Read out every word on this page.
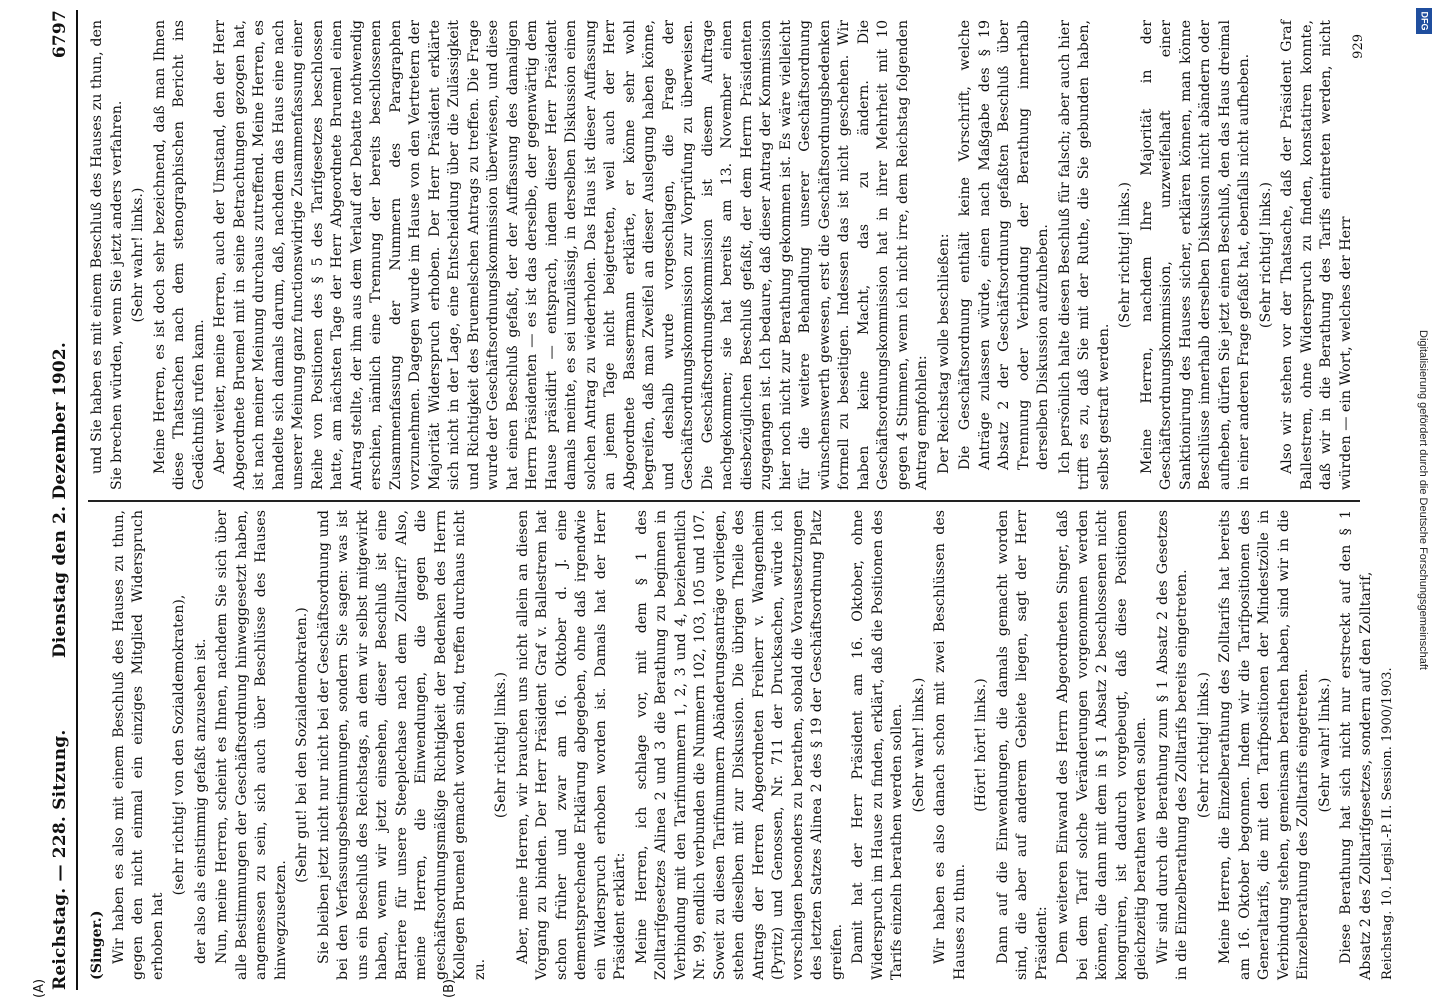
Reichstag. — 228. Sitzung.
Dienstag den 2. Dezember 1902.
6797
(A)	(B)

(Singer.) Wir haben es also mit einem Beschluß des Hauses zu thun, gegen den nicht einmal ein einziges Mitglied Widerspruch erhoben hat

(sehr richtig! von den Sozialdemokraten), der also als einstimmig gefaßt anzusehen ist. Nun, meine Herren, scheint es Ihnen, nachdem Sie sich über alle Bestimmungen der Geschäftsordnung hinweggesetzt haben, angemessen zu sein, sich auch über Beschlüsse des Hauses hinwegzusetzen.

(Sehr gut! bei den Sozialdemokraten.) Sie bleiben jetzt nicht nur nicht bei der Geschäftsordnung und bei den Verfassungsbestimmungen, sondern Sie sagen: was ist uns ein Beschluß des Reichstags, an dem wir selbst mitgewirkt haben, wenn wir jetzt einsehen, dieser Beschluß ist eine Barriere für unsere Steeplechase nach dem Zolltarif? Also, meine Herren, die Einwendungen, die gegen die geschäftsordnungsmäßige Richtigkeit der Bedenken des Herrn Kollegen Bruemel gemacht worden sind, treffen durchaus nicht zu.

(Sehr richtig! links.) Aber, meine Herren, wir brauchen uns nicht allein an diesen Vorgang zu binden. Der Herr Präsident Graf v. Ballestrem hat schon früher und zwar am 16. Oktober d. J. eine dementsprechende Erklärung abgegeben, ohne daß irgendwie ein Widerspruch erhoben worden ist. Damals hat der Herr Präsident erklärt: Meine Herren, ich schlage vor, mit dem § 1 des Zolltarifgesetzes Alinea 2 und 3 die Berathung zu beginnen in Verbindung mit den Tarifnummern 1, 2, 3 und 4, beziehentlich Nr. 99, endlich verbunden die Nummern 102, 103, 105 und 107. Soweit zu diesen Tarifnummern Abänderungsanträge vorliegen, stehen dieselben mit zur Diskussion. Die übrigen Theile des Antrags der Herren Abgeordneten Freiherr v. Wangenheim (Pyritz) und Genossen, Nr. 711 der Drucksachen, würde ich vorschlagen besonders zu berathen, sobald die Voraussetzungen des letzten Satzes Alinea 2 des § 19 der Geschäftsordnung Platz greifen. Damit hat der Herr Präsident am 16. Oktober, ohne Widerspruch im Hause zu finden, erklärt, daß die Positionen des Tarifs einzeln berathen werden sollen. (Sehr wahr! links.) Wir haben es also danach schon mit zwei Beschlüssen des Hauses zu thun.

(Hört! hört! links.) Dann auf die Einwendungen, die damals gemacht worden sind, die aber auf anderem Gebiete liegen, sagt der Herr Präsident: Dem weiteren Einwand des Herrn Abgeordneten Singer, daß bei dem Tarif solche Veränderungen vorgenommen werden können, die dann mit dem in § 1 Absatz 2 beschlossenen nicht kongruiren, ist dadurch vorgebeugt, daß diese Positionen gleichzeitig berathen werden sollen. Wir sind durch die Berathung zum § 1 Absatz 2 des Gesetzes in die Einzelberathung des Zolltarifs bereits eingetreten. (Sehr richtig! links.) Meine Herren, die Einzelberathung des Zolltarifs hat bereits am 16. Oktober begonnen. Indem wir die Tarifpositionen des Generaltarifs, die mit den Tarifpositionen der Mindestzölle in Verbindung stehen, gemeinsam berathen haben, sind wir in die Einzelberathung des Zolltarifs eingetreten. (Sehr wahr! links.) Diese Berathung hat sich nicht nur erstreckt auf den § 1 Absatz 2 des Zolltarifgesetzes, sondern auf den Zolltarif, Reichstag. 10. Legisl.-P. II. Session. 1900/1903.

und Sie haben es mit einem Beschluß des Hauses zu thun, den Sie brechen würden, wenn Sie jetzt anders verfahren. (Sehr wahr! links.) Meine Herren, es ist doch sehr bezeichnend, daß man Ihnen diese Thatsachen nach dem stenographischen Bericht ins Gedächtniß rufen kann. Aber weiter, meine Herren, auch der Umstand, den der Herr Abgeordnete Bruemel mit in seine Betrachtungen gezogen hat, ist nach meiner Meinung durchaus zutreffend. Meine Herren, es handelte sich damals darum, daß, nachdem das Haus eine nach unserer Meinung ganz functionswidrige Zusammenfassung einer Reihe von Positionen des § 5 des Tarifgesetzes beschlossen hatte, am nächsten Tage der Herr Abgeordnete Bruemel einen Antrag stellte, der ihm aus dem Verlauf der Debatte nothwendig erschien, nämlich eine Trennung der bereits beschlossenen Zusammenfassung der Nummern des Paragraphen vorzunehmen. Dagegen wurde im Hause von den Vertretern der Majorität Widerspruch erhoben. Der Herr Präsident erklärte sich nicht in der Lage, eine Entscheidung über die Zulässigkeit und Richtigkeit des Bruemelschen Antrags zu treffen. Die Frage wurde der Geschäftsordnungskommission überwiesen, und diese hat einen Beschluß gefaßt, der der Auffassung des damaligen Herrn Präsidenten — es ist das derselbe, der gegenwärtig dem Hause präsidirt — entsprach, indem dieser Herr Präsident damals meinte, es sei unzulässig, in derselben Diskussion einen solchen Antrag zu wiederholen. Das Haus ist dieser Auffassung an jenem Tage nicht beigetreten, weil auch der Herr Abgeordnete Bassermann erklärte, er könne sehr wohl begreifen, daß man Zweifel an dieser Auslegung haben könne, und deshalb wurde vorgeschlagen, die Frage der Geschäftsordnungskommission zur Vorprüfung zu überweisen. Die Geschäftsordnungskommission ist diesem Auftrage nachgekommen; sie hat bereits am 13. November einen diesbezüglichen Beschluß gefaßt, der dem Herrn Präsidenten zugegangen ist. Ich bedaure, daß dieser Antrag der Kommission hier noch nicht zur Berathung gekommen ist. Es wäre vielleicht für die weitere Behandlung unserer Geschäftsordnung wünschenswerth gewesen, erst die Geschäftsordnungsbedenken formell zu beseitigen. Indessen das ist nicht geschehen. Wir haben keine Macht, das zu ändern. Die Geschäftsordnungskommission hat in ihrer Mehrheit mit 10 gegen 4 Stimmen, wenn ich nicht irre, dem Reichstag folgenden Antrag empfohlen: Der Reichstag wolle beschließen: Die Geschäftsordnung enthält keine Vorschrift, welche Anträge zulassen würde, einen nach Maßgabe des § 19 Absatz 2 der Geschäftsordnung gefaßten Beschluß über Trennung oder Verbindung der Berathung innerhalb derselben Diskussion aufzuheben. Ich persönlich halte diesen Beschluß für falsch; aber auch hier trifft es zu, daß Sie mit der Ruthe, die Sie gebunden haben, selbst gestraft werden.

(Sehr richtig! links.) Meine Herren, nachdem Ihre Majorität in der Geschäftsordnungskommission, unzweifelhaft einer Sanktionirung des Hauses sicher, erklären können, man könne Beschlüsse innerhalb derselben Diskussion nicht abändern oder aufheben, dürfen Sie jetzt einen Beschluß, den das Haus dreimal in einer anderen Frage gefaßt hat, ebenfalls nicht aufheben. (Sehr richtig! links.) Also wir stehen vor der Thatsache, daß der Präsident Graf Ballestrem, ohne Widerspruch zu finden, konstatiren konnte, daß wir in die Berathung des Tarifs eintreten werden, nicht würden — ein Wort, welches der Herr

929
Digitalisierung gefördert durch die Deutsche Forschungsgemeinschaft
DFG
